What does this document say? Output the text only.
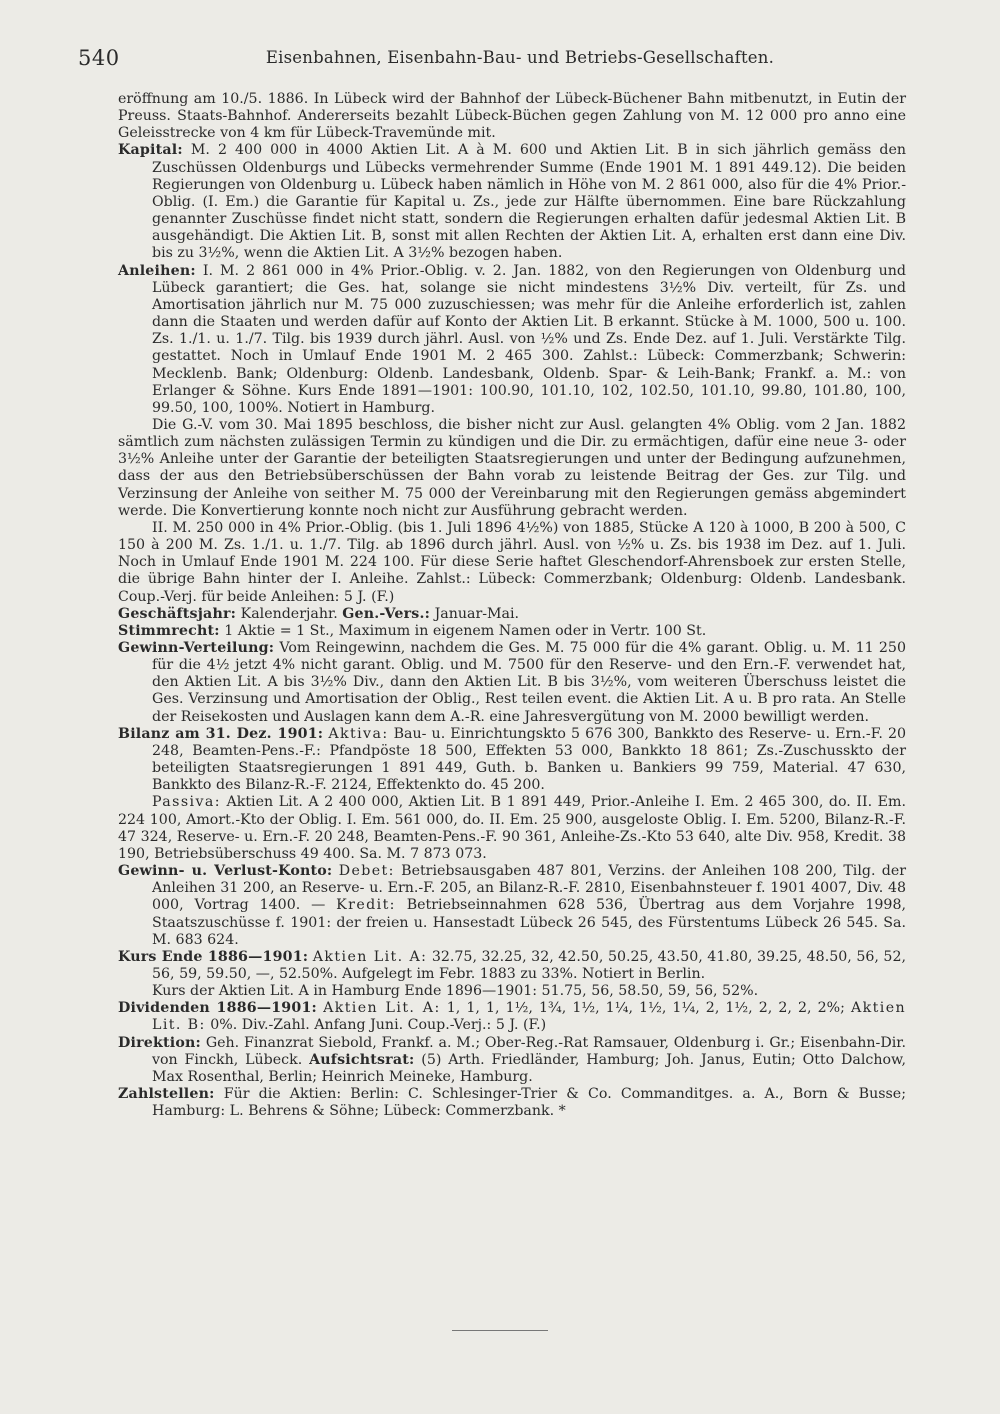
540	Eisenbahnen, Eisenbahn-Bau- und Betriebs-Gesellschaften.

eröffnung am 10./5. 1886. In Lübeck wird der Bahnhof der Lübeck-Büchener Bahn mitbenutzt, in Eutin der Preuss. Staats-Bahnhof. Andererseits bezahlt Lübeck-Büchen gegen Zahlung von M. 12 000 pro anno eine Geleisstrecke von 4 km für Lübeck-Travemünde mit.

Kapital: M. 2 400 000 in 4000 Aktien Lit. A à M. 600 und Aktien Lit. B in sich jährlich gemäss den Zuschüssen Oldenburgs und Lübecks vermehrender Summe (Ende 1901 M. 1 891 449.12). Die beiden Regierungen von Oldenburg u. Lübeck haben nämlich in Höhe von M. 2 861 000, also für die 4% Prior.-Oblig. (I. Em.) die Garantie für Kapital u. Zs., jede zur Hälfte übernommen. Eine bare Rückzahlung genannter Zuschüsse findet nicht statt, sondern die Regierungen erhalten dafür jedesmal Aktien Lit. B ausgehändigt. Die Aktien Lit. B, sonst mit allen Rechten der Aktien Lit. A, erhalten erst dann eine Div. bis zu 3½%, wenn die Aktien Lit. A 3½% bezogen haben.

Anleihen: I. M. 2 861 000 in 4% Prior.-Oblig. v. 2. Jan. 1882, von den Regierungen von Oldenburg und Lübeck garantiert; die Ges. hat, solange sie nicht mindestens 3½% Div. verteilt, für Zs. und Amortisation jährlich nur M. 75 000 zuzuschiessen; was mehr für die Anleihe erforderlich ist, zahlen dann die Staaten und werden dafür auf Konto der Aktien Lit. B erkannt. Stücke à M. 1000, 500 u. 100. Zs. 1./1. u. 1./7. Tilg. bis 1939 durch jährl. Ausl. von ½% und Zs. Ende Dez. auf 1. Juli. Verstärkte Tilg. gestattet. Noch in Umlauf Ende 1901 M. 2 465 300. Zahlst.: Lübeck: Commerzbank; Schwerin: Mecklenb. Bank; Oldenburg: Oldenb. Landesbank, Oldenb. Spar- & Leih-Bank; Frankf. a. M.: von Erlanger & Söhne. Kurs Ende 1891—1901: 100.90, 101.10, 102, 102.50, 101.10, 99.80, 101.80, 100, 99.50, 100, 100%. Notiert in Hamburg.

Die G.-V. vom 30. Mai 1895 beschloss, die bisher nicht zur Ausl. gelangten 4% Oblig. vom 2 Jan. 1882 sämtlich zum nächsten zulässigen Termin zu kündigen und die Dir. zu ermächtigen, dafür eine neue 3- oder 3½% Anleihe unter der Garantie der beteiligten Staatsregierungen und unter der Bedingung aufzunehmen, dass der aus den Betriebsüberschüssen der Bahn vorab zu leistende Beitrag der Ges. zur Tilg. und Verzinsung der Anleihe von seither M. 75 000 der Vereinbarung mit den Regierungen gemäss abgemindert werde. Die Konvertierung konnte noch nicht zur Ausführung gebracht werden.

II. M. 250 000 in 4% Prior.-Oblig. (bis 1. Juli 1896 4½%) von 1885, Stücke A 120 à 1000, B 200 à 500, C 150 à 200 M. Zs. 1./1. u. 1./7. Tilg. ab 1896 durch jährl. Ausl. von ½% u. Zs. bis 1938 im Dez. auf 1. Juli. Noch in Umlauf Ende 1901 M. 224 100. Für diese Serie haftet Gleschendorf-Ahrensboek zur ersten Stelle, die übrige Bahn hinter der I. Anleihe. Zahlst.: Lübeck: Commerzbank; Oldenburg: Oldenb. Landesbank. Coup.-Verj. für beide Anleihen: 5 J. (F.)

Geschäftsjahr: Kalenderjahr. Gen.-Vers.: Januar-Mai.

Stimmrecht: 1 Aktie = 1 St., Maximum in eigenem Namen oder in Vertr. 100 St.

Gewinn-Verteilung: Vom Reingewinn, nachdem die Ges. M. 75 000 für die 4% garant. Oblig. u. M. 11 250 für die 4½ jetzt 4% nicht garant. Oblig. und M. 7500 für den Reserve- und den Ern.-F. verwendet hat, den Aktien Lit. A bis 3½% Div., dann den Aktien Lit. B bis 3½%, vom weiteren Überschuss leistet die Ges. Verzinsung und Amortisation der Oblig., Rest teilen event. die Aktien Lit. A u. B pro rata. An Stelle der Reisekosten und Auslagen kann dem A.-R. eine Jahresvergütung von M. 2000 bewilligt werden.

Bilanz am 31. Dez. 1901: Aktiva: Bau- u. Einrichtungskto 5 676 300, Bankkto des Reserve- u. Ern.-F. 20 248, Beamten-Pens.-F.: Pfandpöste 18 500, Effekten 53 000, Bankkto 18 861; Zs.-Zuschusskto der beteiligten Staatsregierungen 1 891 449, Guth. b. Banken u. Bankiers 99 759, Material. 47 630, Bankkto des Bilanz-R.-F. 2124, Effektenkto do. 45 200.

Passiva: Aktien Lit. A 2 400 000, Aktien Lit. B 1 891 449, Prior.-Anleihe I. Em. 2 465 300, do. II. Em. 224 100, Amort.-Kto der Oblig. I. Em. 561 000, do. II. Em. 25 900, ausgeloste Oblig. I. Em. 5200, Bilanz-R.-F. 47 324, Reserve- u. Ern.-F. 20 248, Beamten-Pens.-F. 90 361, Anleihe-Zs.-Kto 53 640, alte Div. 958, Kredit. 38 190, Betriebsüberschuss 49 400. Sa. M. 7 873 073.

Gewinn- u. Verlust-Konto: Debet: Betriebsausgaben 487 801, Verzins. der Anleihen 108 200, Tilg. der Anleihen 31 200, an Reserve- u. Ern.-F. 205, an Bilanz-R.-F. 2810, Eisenbahnsteuer f. 1901 4007, Div. 48 000, Vortrag 1400. — Kredit: Betriebseinnahmen 628 536, Übertrag aus dem Vorjahre 1998, Staatszuschüsse f. 1901: der freien u. Hansestadt Lübeck 26 545, des Fürstentums Lübeck 26 545. Sa. M. 683 624.

Kurs Ende 1886—1901: Aktien Lit. A: 32.75, 32.25, 32, 42.50, 50.25, 43.50, 41.80, 39.25, 48.50, 56, 52, 56, 59, 59.50, —, 52.50%. Aufgelegt im Febr. 1883 zu 33%. Notiert in Berlin.

Kurs der Aktien Lit. A in Hamburg Ende 1896—1901: 51.75, 56, 58.50, 59, 56, 52%.

Dividenden 1886—1901: Aktien Lit. A: 1, 1, 1, 1½, 1¾, 1½, 1¼, 1½, 1¼, 2, 1½, 2, 2, 2, 2%; Aktien Lit. B: 0%. Div.-Zahl. Anfang Juni. Coup.-Verj.: 5 J. (F.)

Direktion: Geh. Finanzrat Siebold, Frankf. a. M.; Ober-Reg.-Rat Ramsauer, Oldenburg i. Gr.; Eisenbahn-Dir. von Finckh, Lübeck. Aufsichtsrat: (5) Arth. Friedländer, Hamburg; Joh. Janus, Eutin; Otto Dalchow, Max Rosenthal, Berlin; Heinrich Meineke, Hamburg.

Zahlstellen: Für die Aktien: Berlin: C. Schlesinger-Trier & Co. Commanditges. a. A., Born & Busse; Hamburg: L. Behrens & Söhne; Lübeck: Commerzbank. *
